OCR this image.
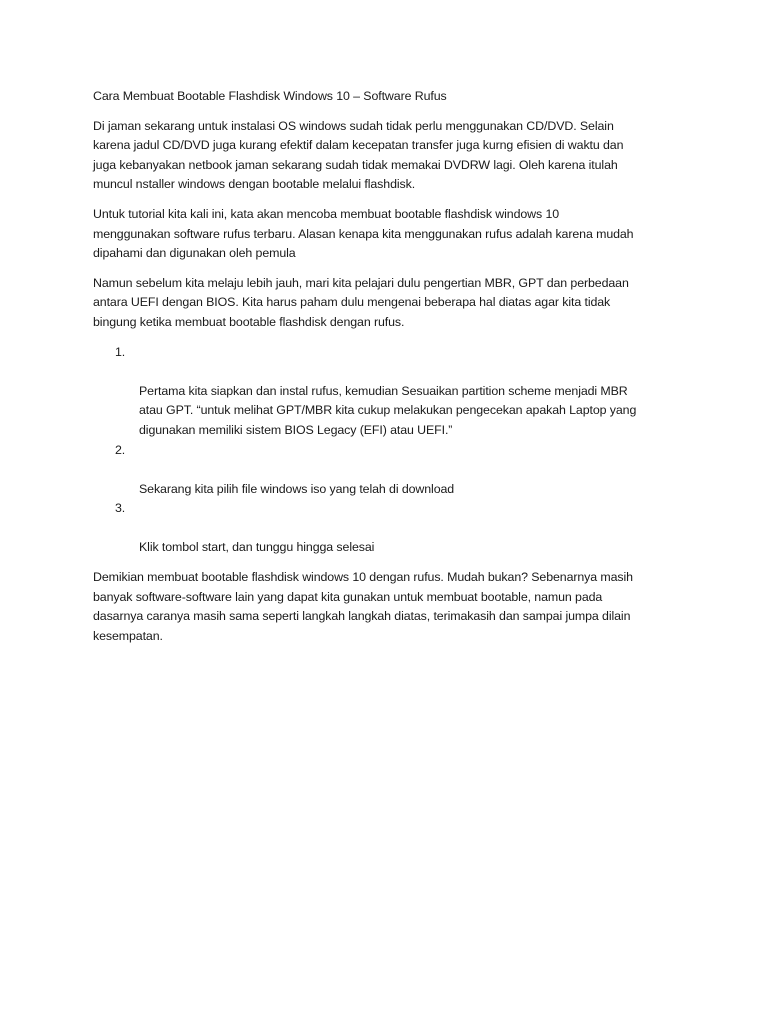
Cara Membuat Bootable Flashdisk Windows 10 – Software Rufus

Di jaman sekarang untuk instalasi OS windows sudah tidak perlu menggunakan CD/DVD. Selain
karena jadul CD/DVD juga kurang efektif dalam kecepatan transfer juga kurng efisien di waktu dan
juga kebanyakan netbook jaman sekarang sudah tidak memakai DVDRW lagi. Oleh karena itulah
muncul nstaller windows dengan bootable melalui flashdisk.

Untuk tutorial kita kali ini, kata akan mencoba membuat bootable flashdisk windows 10
menggunakan software rufus terbaru. Alasan kenapa kita menggunakan rufus adalah karena mudah
dipahami dan digunakan oleh pemula

Namun sebelum kita melaju lebih jauh, mari kita pelajari dulu pengertian MBR, GPT dan perbedaan
antara UEFI dengan BIOS. Kita harus paham dulu mengenai beberapa hal diatas agar kita tidak
bingung ketika membuat bootable flashdisk dengan rufus.

1.

Pertama kita siapkan dan instal rufus, kemudian Sesuaikan partition scheme menjadi MBR
atau GPT. “untuk melihat GPT/MBR kita cukup melakukan pengecekan apakah Laptop yang
digunakan memiliki sistem BIOS Legacy (EFI) atau UEFI.”

2.

Sekarang kita pilih file windows iso yang telah di download

3.

Klik tombol start, dan tunggu hingga selesai

Demikian membuat bootable flashdisk windows 10 dengan rufus. Mudah bukan? Sebenarnya masih
banyak software-software lain yang dapat kita gunakan untuk membuat bootable, namun pada
dasarnya caranya masih sama seperti langkah langkah diatas, terimakasih dan sampai jumpa dilain
kesempatan.
